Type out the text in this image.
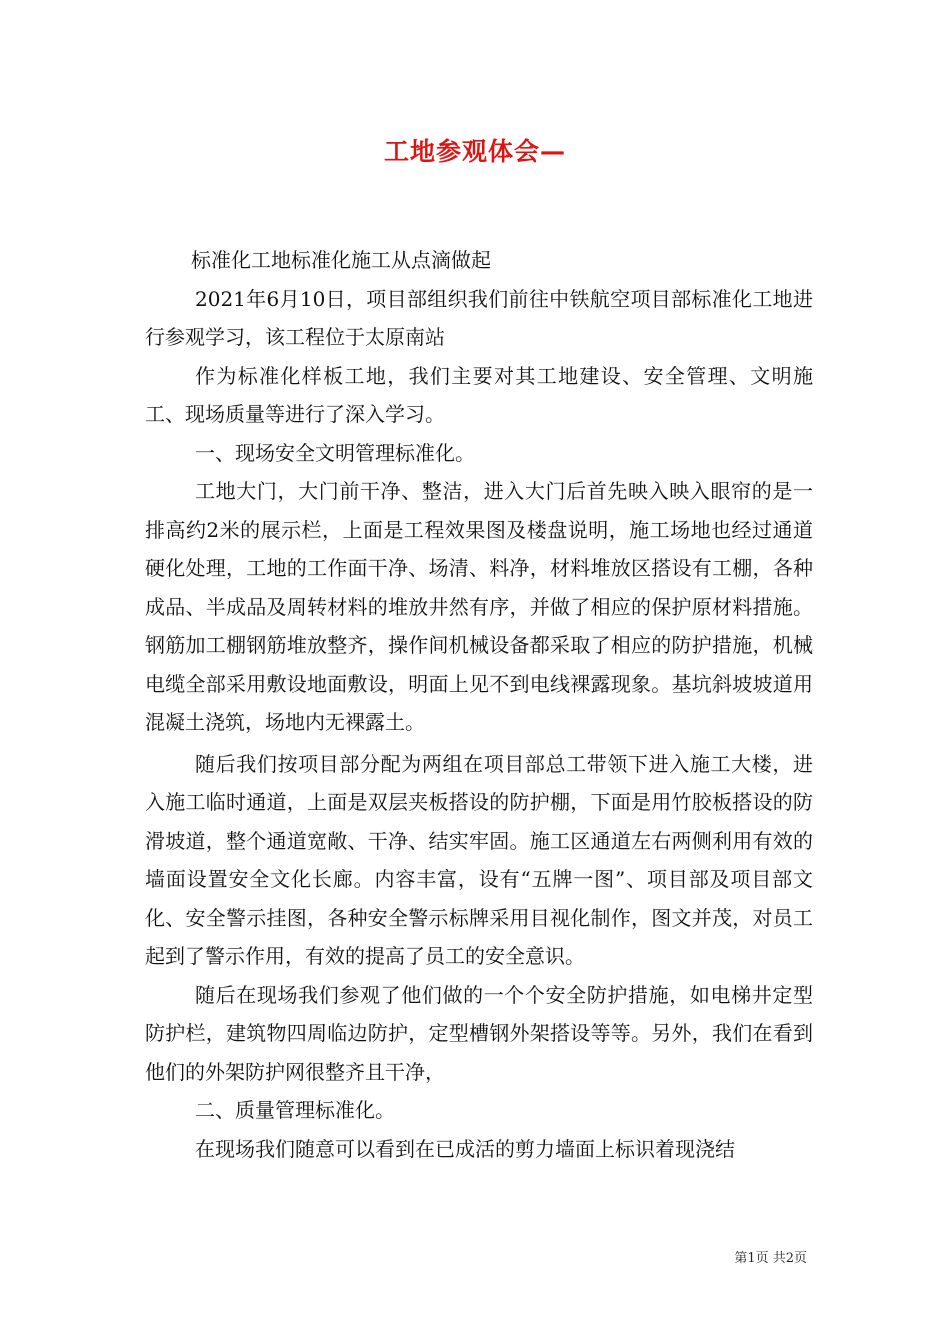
工地参观体会—

标准化工地标准化施工从点滴做起

2021年6月10日，项目部组织我们前往中铁航空项目部标准化工地进行参观学习，该工程位于太原南站

作为标准化样板工地，我们主要对其工地建设、安全管理、文明施工、现场质量等进行了深入学习。

一、现场安全文明管理标准化。

工地大门，大门前干净、整洁，进入大门后首先映入映入眼帘的是一排高约2米的展示栏，上面是工程效果图及楼盘说明，施工场地也经过通道硬化处理，工地的工作面干净、场清、料净，材料堆放区搭设有工棚，各种成品、半成品及周转材料的堆放井然有序，并做了相应的保护原材料措施。钢筋加工棚钢筋堆放整齐，操作间机械设备都采取了相应的防护措施，机械电缆全部采用敷设地面敷设，明面上见不到电线裸露现象。基坑斜坡坡道用混凝土浇筑，场地内无裸露土。

随后我们按项目部分配为两组在项目部总工带领下进入施工大楼，进入施工临时通道，上面是双层夹板搭设的防护棚，下面是用竹胶板搭设的防滑坡道，整个通道宽敞、干净、结实牢固。施工区通道左右两侧利用有效的墙面设置安全文化长廊。内容丰富，设有“五牌一图”、项目部及项目部文化、安全警示挂图，各种安全警示标牌采用目视化制作，图文并茂，对员工起到了警示作用，有效的提高了员工的安全意识。

随后在现场我们参观了他们做的一个个安全防护措施，如电梯井定型防护栏，建筑物四周临边防护，定型槽钢外架搭设等等。另外，我们在看到他们的外架防护网很整齐且干净，

二、质量管理标准化。

在现场我们随意可以看到在已成活的剪力墙面上标识着现浇结

第1页 共2页
